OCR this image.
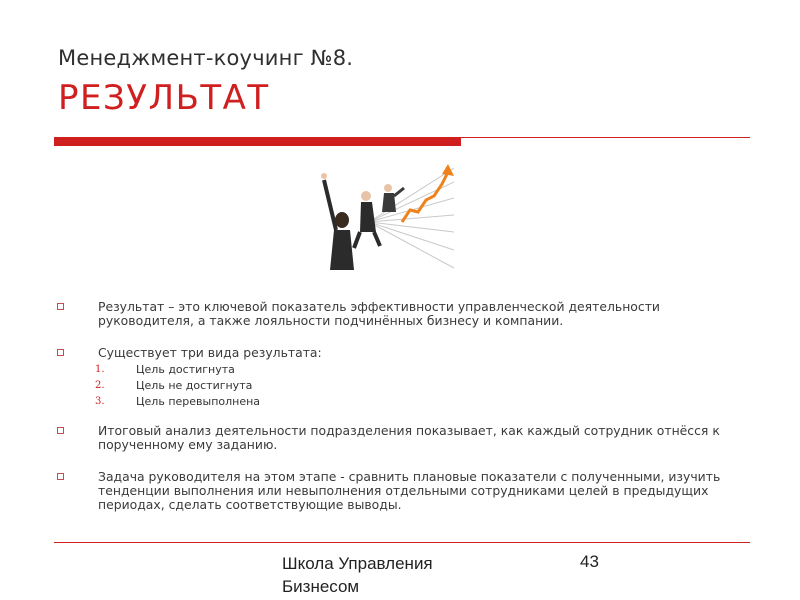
Менеджмент-коучинг №8.
РЕЗУЛЬТАТ
Результат – это ключевой показатель эффективности управленческой деятельности руководителя, а также лояльности подчинённых бизнесу и компании.
Существует три вида результата:
1.	Цель достигнута
2.	Цель не достигнута
3.	Цель перевыполнена
Итоговый анализ деятельности подразделения показывает, как каждый сотрудник отнёсся к порученному ему заданию.
Задача руководителя на этом этапе - сравнить плановые показатели с полученными, изучить тенденции выполнения или невыполнения отдельными сотрудниками целей в предыдущих периодах, сделать соответствующие выводы.
Школа Управления
Бизнесом
43
